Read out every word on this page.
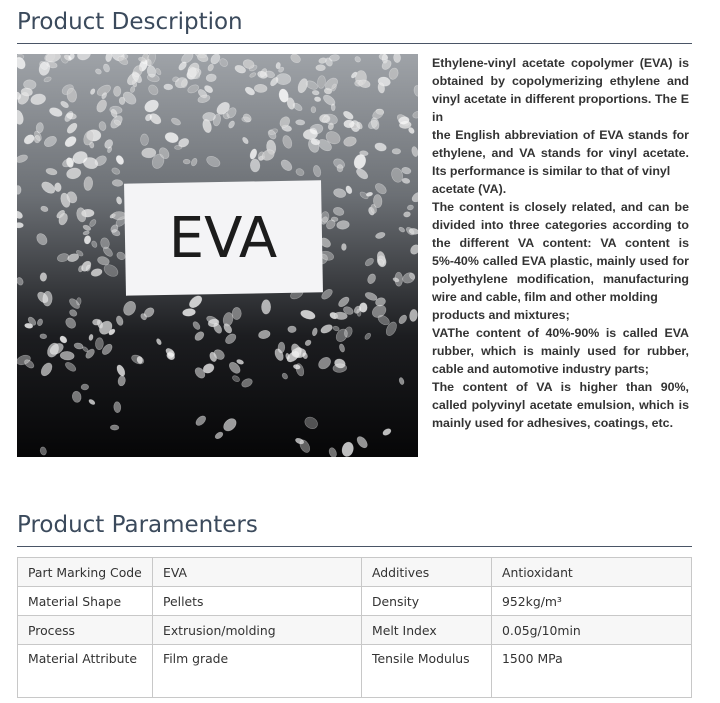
Product Description
EVA

Ethylene-vinyl acetate copolymer (EVA) is obtained by copolymerizing ethylene and vinyl acetate in different proportions. The E in

the English abbreviation of EVA stands for ethylene, and VA stands for vinyl acetate. Its performance is similar to that of vinyl

acetate (VA).

The content is closely related, and can be divided into three categories according to the different VA content: VA content is 5%-40% called EVA plastic, mainly used for polyethylene modification, manufacturing wire and cable, film and other molding

products and mixtures;

VAThe content of 40%-90% is called EVA rubber, which is mainly used for rubber, cable and automotive industry parts;

The content of VA is higher than 90%, called polyvinyl acetate emulsion, which is mainly used for adhesives, coatings, etc.

Product Paramenters
Part Marking Code	EVA	Additives	Antioxidant
Material Shape	Pellets	Density	952kg/m³
Process	Extrusion/molding	Melt Index	0.05g/10min
Material Attribute	Film grade	Tensile Modulus	1500 MPa
